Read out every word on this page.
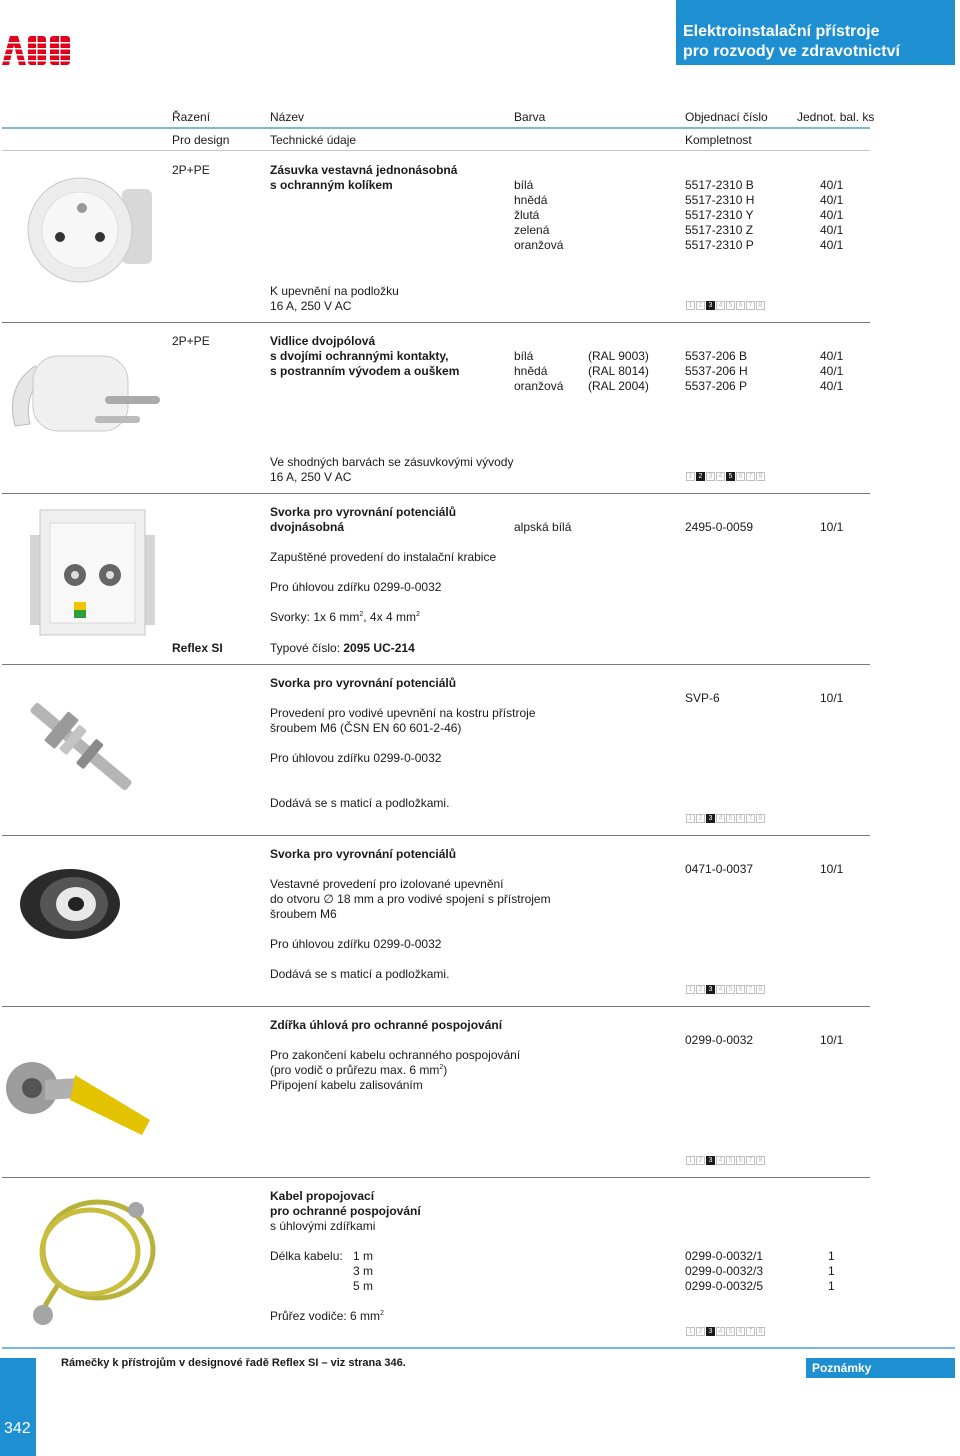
Elektroinstalační přístroje
pro rozvody ve zdravotnictví
Řazení	Název	Barva	Objednací číslo Jednot. bal. ks
Pro design	Technické údaje	Kompletnost
2P+PE	Zásuvka vestavná jednonásobná
s ochranným kolíkem	bílá	5517-2310 B	40/1
hnědá	5517-2310 H	40/1
žlutá	5517-2310 Y	40/1
zelená	5517-2310 Z	40/1
oranžová	5517-2310 P	40/1
K upevnění na podložku
16 A, 250 V AC	1 2 3 4 5 6 7 8
2P+PE	Vidlice dvojpólová
s dvojími ochrannými kontakty,
s postranním vývodem a ouškem
bílá	(RAL 9003)	5537-206 B	40/1
hnědá	(RAL 8014)	5537-206 H	40/1
oranžová (RAL 2004)	5537-206 P	40/1
Ve shodných barvách se zásuvkovými vývody
16 A, 250 V AC	1 2 3 4 5 6 7 8
Svorka pro vyrovnání potenciálů
dvojnásobná	alpská bílá	2495-0-0059	10/1
Zapuštěné provedení do instalační krabice
Pro úhlovou zdířku 0299-0-0032
Svorky: 1x 6 $mm^2$, 4x 4 $mm^2$
Reflex SI	Typové číslo: 2095 UC-214
Svorka pro vyrovnání potenciálů
SVP-6	10/1
Provedení pro vodivé upevnění na kostru přístroje
šroubem M6 (ČSN EN 60 601-2-46)
Pro úhlovou zdířku 0299-0-0032
Dodává se s maticí a podložkami.
1 2 3 4 5 6 7 8
Svorka pro vyrovnání potenciálů
0471-0-0037	10/1
Vestavné provedení pro izolované upevnění
do otvoru ∅ 18 mm a pro vodivé spojení s přístrojem
šroubem M6
Pro úhlovou zdířku 0299-0-0032
Dodává se s maticí a podložkami.
1 2 3 4 5 6 7 8
Zdířka úhlová pro ochranné pospojování
0299-0-0032	10/1
Pro zakončení kabelu ochranného pospojování
(pro vodič o průřezu max. 6 $mm^2$)
Připojení kabelu zalisováním
1 2 3 4 5 6 7 8
Kabel propojovací
pro ochranné pospojování
s úhlovými zdířkami
Délka kabelu: 1 m	0299-0-0032/1	1
3 m	0299-0-0032/3	1
5 m	0299-0-0032/5	1
Průřez vodiče: 6 $mm^2$
1 2 3 4 5 6 7 8
342
Rámečky k přístrojům v designové řadě Reflex SI – viz strana 346.	Poznámky
